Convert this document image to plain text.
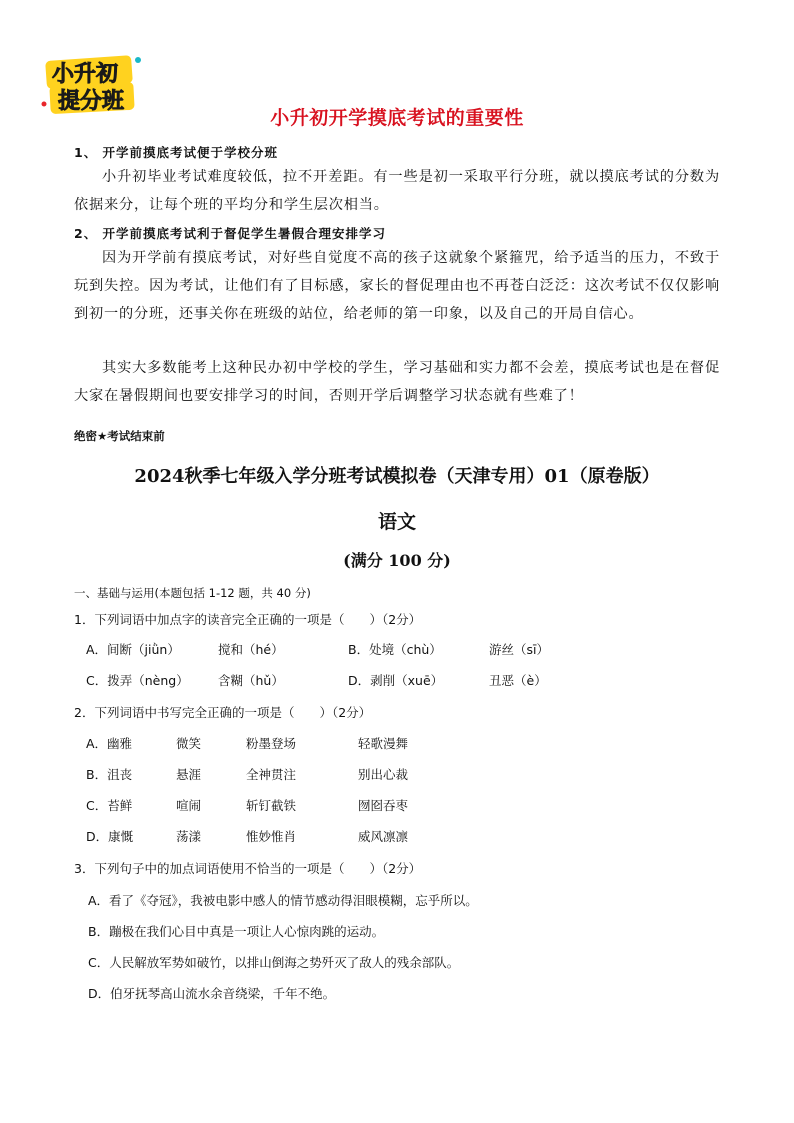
小升初
提分班
小升初开学摸底考试的重要性
1、 开学前摸底考试便于学校分班
小升初毕业考试难度较低，拉不开差距。有一些是初一采取平行分班，就以摸底考试的分数为依据来分，让每个班的平均分和学生层次相当。
2、 开学前摸底考试利于督促学生暑假合理安排学习
因为开学前有摸底考试，对好些自觉度不高的孩子这就象个紧箍咒，给予适当的压力，不致于玩到失控。因为考试，让他们有了目标感，家长的督促理由也不再苍白泛泛：这次考试不仅仅影响到初一的分班，还事关你在班级的站位，给老师的第一印象，以及自己的开局自信心。
其实大多数能考上这种民办初中学校的学生，学习基础和实力都不会差，摸底考试也是在督促大家在暑假期间也要安排学习的时间，否则开学后调整学习状态就有些难了！
绝密★考试结束前
2024秋季七年级入学分班考试模拟卷（天津专用）01（原卷版）
语文
(满分 100 分)
一、基础与运用(本题包括 1-12 题，共 40 分)
1．下列词语中加点字的读音完全正确的一项是（　　）（2分）
A．间断（jiǜn）	搅和（hé）	B．处境（chù）	游丝（sī）
C．拨弄（nèng） 含糊（hǔ）	D．剥削（xuē）	丑恶（è）
2．下列词语中书写完全正确的一项是（　　）（2分）
A．幽雅	微笑	粉墨登场	轻歌漫舞
B．沮丧	悬涯	全神贯注	别出心裁
C．苔鲜	喧闹	斩钉截铁	囫囵吞枣
D．康慨	荡漾	惟妙惟肖	威风凛凛
3．下列句子中的加点词语使用不恰当的一项是（　　）（2分）
A．看了《夺冠》，我被电影中感人的情节感动得泪眼模糊，忘乎所以。
B．蹦极在我们心目中真是一项让人心惊肉跳的运动。
C．人民解放军势如破竹，以排山倒海之势歼灭了敌人的残余部队。
D．伯牙抚琴高山流水余音绕梁，千年不绝。
